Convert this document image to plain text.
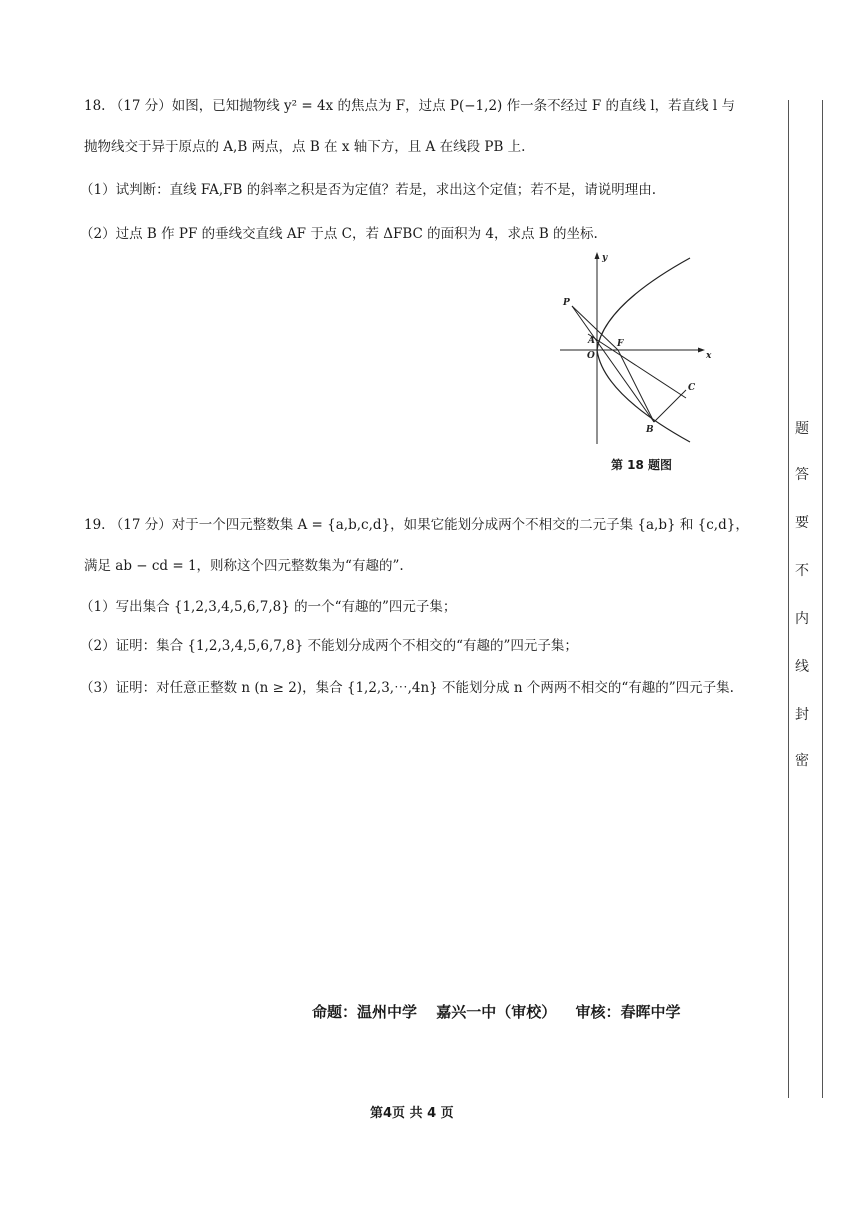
18. （17 分）如图，已知抛物线 y² = 4x 的焦点为 F，过点 P(−1,2) 作一条不经过 F 的直线 l，若直线 l 与
抛物线交于异于原点的 A,B 两点，点 B 在 x 轴下方，且 A 在线段 PB 上.
（1）试判断：直线 FA,FB 的斜率之积是否为定值？若是，求出这个定值；若不是，请说明理由.
（2）过点 B 作 PF 的垂线交直线 AF 于点 C，若 ΔFBC 的面积为 4，求点 B 的坐标.
y
x
P
A F
O
C
B
第 18 题图
19. （17 分）对于一个四元整数集 A = {a,b,c,d}，如果它能划分成两个不相交的二元子集 {a,b} 和 {c,d}，
满足 ab − cd = 1，则称这个四元整数集为“有趣的”.
（1）写出集合 {1,2,3,4,5,6,7,8} 的一个“有趣的”四元子集；
（2）证明：集合 {1,2,3,4,5,6,7,8} 不能划分成两个不相交的“有趣的”四元子集；
（3）证明：对任意正整数 n (n ≥ 2)，集合 {1,2,3,⋯,4n} 不能划分成 n 个两两不相交的“有趣的”四元子集.
命题：温州中学 嘉兴一中（审校） 审核：春晖中学
第4页 共 4 页
题
答
要
不
内
线
封
密
